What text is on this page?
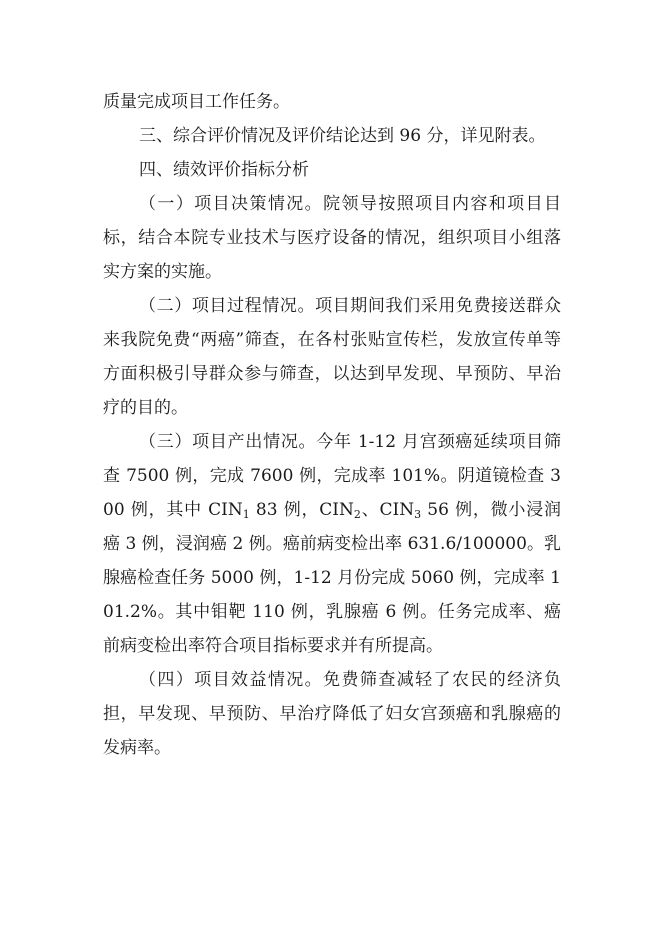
质量完成项目工作任务。

三、综合评价情况及评价结论达到 96 分，详见附表。

四、绩效评价指标分析

（一）项目决策情况。院领导按照项目内容和项目目标，结合本院专业技术与医疗设备的情况，组织项目小组落实方案的实施。

（二）项目过程情况。项目期间我们采用免费接送群众来我院免费“两癌”筛查，在各村张贴宣传栏，发放宣传单等方面积极引导群众参与筛查，以达到早发现、早预防、早治疗的目的。

（三）项目产出情况。今年 1-12 月宫颈癌延续项目筛查 7500 例，完成 7600 例，完成率 101%。阴道镜检查 300 例，其中 $CIN_1$ 83 例，$CIN_2$、$CIN_3$ 56 例，微小浸润癌 3 例，浸润癌 2 例。癌前病变检出率 631.6/100000。乳腺癌检查任务 5000 例，1-12 月份完成 5060 例，完成率 101.2%。其中钼靶 110 例，乳腺癌 6 例。任务完成率、癌前病变检出率符合项目指标要求并有所提高。

（四）项目效益情况。免费筛查减轻了农民的经济负担，早发现、早预防、早治疗降低了妇女宫颈癌和乳腺癌的发病率。
